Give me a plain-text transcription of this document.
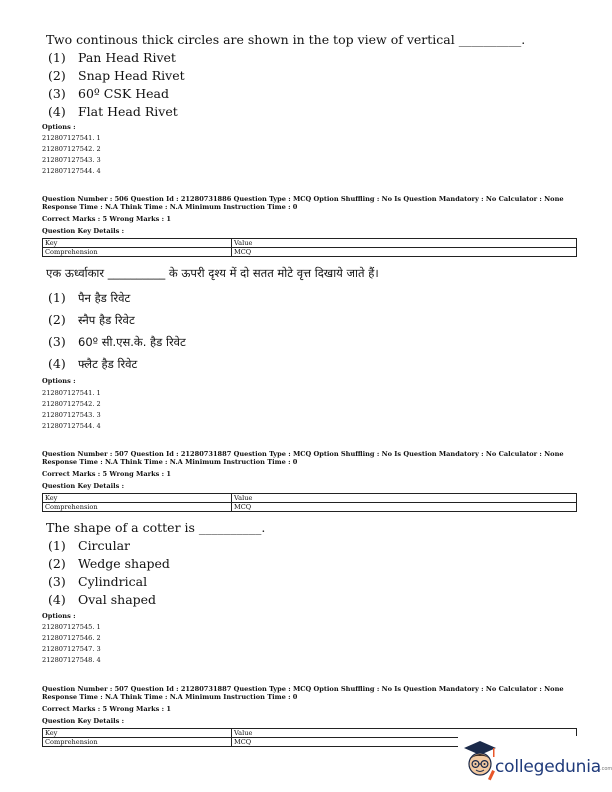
Two continous thick circles are shown in the top view of vertical __________.
(1) Pan Head Rivet
(2) Snap Head Rivet
(3) 60º CSK Head
(4) Flat Head Rivet
Options :
212807127541. 1
212807127542. 2
212807127543. 3
212807127544. 4
Question Number : 506 Question Id : 21280731886 Question Type : MCQ Option Shuffling : No Is Question Mandatory : No Calculator : None
Response Time : N.A Think Time : N.A Minimum Instruction Time : 0
Correct Marks : 5 Wrong Marks : 1
Question Key Details :
Key	Value
Comprehension	MCQ
एक ऊर्ध्वाकार __________ के ऊपरी दृश्य में दो सतत मोटे वृत्त दिखाये जाते हैं।
(1) पैन हैड रिवेट
(2) स्नैप हैड रिवेट
(3) 60º सी.एस.के. हैड रिवेट
(4) फ्लैट हैड रिवेट
Options :
212807127541. 1
212807127542. 2
212807127543. 3
212807127544. 4
Question Number : 507 Question Id : 21280731887 Question Type : MCQ Option Shuffling : No Is Question Mandatory : No Calculator : None
Response Time : N.A Think Time : N.A Minimum Instruction Time : 0
Correct Marks : 5 Wrong Marks : 1
Question Key Details :
Key	Value
Comprehension	MCQ
The shape of a cotter is __________.
(1) Circular
(2) Wedge shaped
(3) Cylindrical
(4) Oval shaped
Options :
212807127545. 1
212807127546. 2
212807127547. 3
212807127548. 4
Question Number : 507 Question Id : 21280731887 Question Type : MCQ Option Shuffling : No Is Question Mandatory : No Calculator : None
Response Time : N.A Think Time : N.A Minimum Instruction Time : 0
Correct Marks : 5 Wrong Marks : 1
Question Key Details :
Key	Value
Comprehension	MCQ
collegedunia .com
